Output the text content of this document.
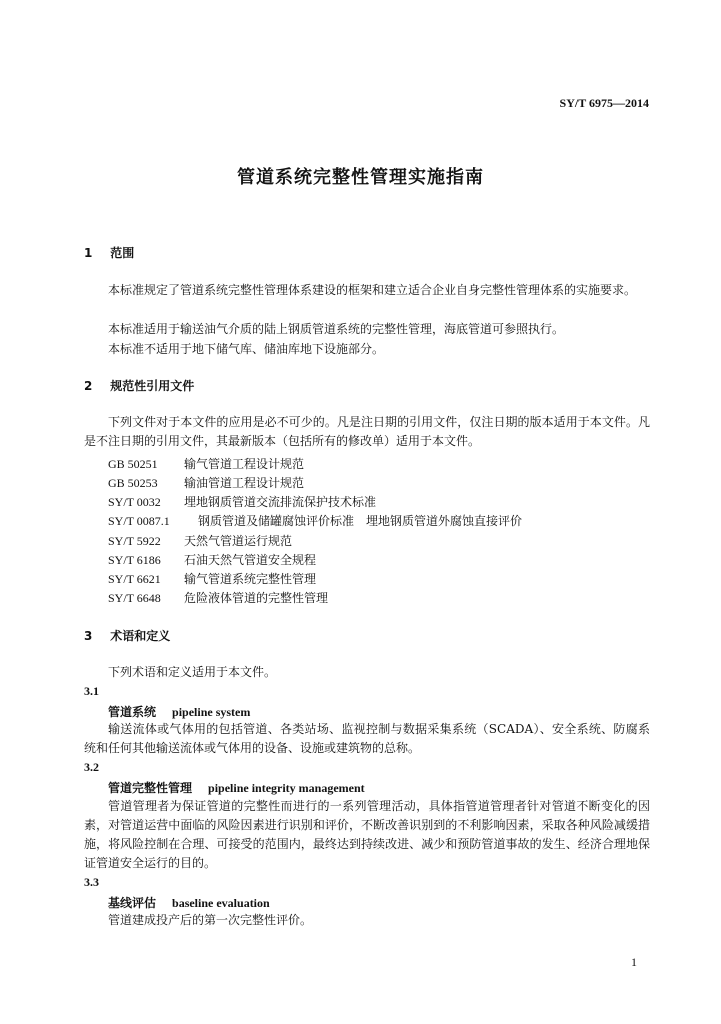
SY/T 6975—2014
管道系统完整性管理实施指南
1 范围
本标准规定了管道系统完整性管理体系建设的框架和建立适合企业自身完整性管理体系的实施要求。
本标准适用于输送油气介质的陆上钢质管道系统的完整性管理，海底管道可参照执行。
本标准不适用于地下储气库、储油库地下设施部分。
2 规范性引用文件
下列文件对于本文件的应用是必不可少的。凡是注日期的引用文件，仅注日期的版本适用于本文件。凡是不注日期的引用文件，其最新版本（包括所有的修改单）适用于本文件。
GB 50251 输气管道工程设计规范
GB 50253 输油管道工程设计规范
SY/T 0032 埋地钢质管道交流排流保护技术标准
SY/T 0087.1 钢质管道及储罐腐蚀评价标准　埋地钢质管道外腐蚀直接评价
SY/T 5922 天然气管道运行规范
SY/T 6186 石油天然气管道安全规程
SY/T 6621 输气管道系统完整性管理
SY/T 6648 危险液体管道的完整性管理
3 术语和定义
下列术语和定义适用于本文件。
3.1
管道系统 pipeline system
输送流体或气体用的包括管道、各类站场、监视控制与数据采集系统（SCADA）、安全系统、防腐系统和任何其他输送流体或气体用的设备、设施或建筑物的总称。
3.2
管道完整性管理 pipeline integrity management
管道管理者为保证管道的完整性而进行的一系列管理活动，具体指管道管理者针对管道不断变化的因素，对管道运营中面临的风险因素进行识别和评价，不断改善识别到的不利影响因素，采取各种风险减缓措施，将风险控制在合理、可接受的范围内，最终达到持续改进、减少和预防管道事故的发生、经济合理地保证管道安全运行的目的。
3.3
基线评估 baseline evaluation
管道建成投产后的第一次完整性评价。
1
